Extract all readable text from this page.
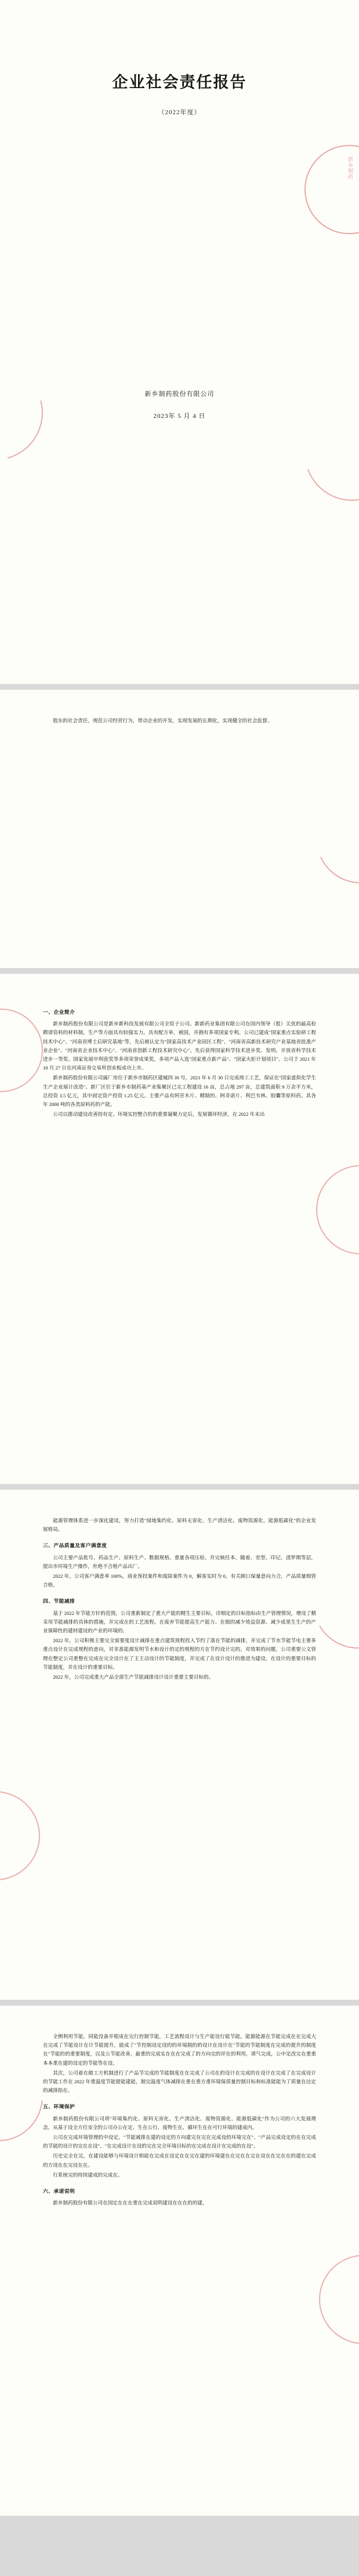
新乡制药
企业社会责任报告
（2022年度）
新乡制药股份有限公司
2023年 5 月 4 日

股东的社会责任，规范公司经营行为，带动企业的开发，实现发展的长期化，实现健全的社会监督。

一、企业简介

新乡制药股份有限公司是新乡新科技发展有限公司全资子公司。新新药业集团有限公司在国内领导（股）关优的最高检聘请资料的材料制，生产等方面具有较强实力，具有配方单，被国，并拥有多项国家专利。公司已建成"国家重点实验研工程技术中心"、"河南省博士后研究基地"等，先后被认定为"国家高技术产业园区工程"、"河南省高新技术研究产业基地省批准产业企业"、"河南省企业技术中心"、"河南省创新工程技术研究中心"。先后获得国家科学技术进步奖、发明、开放省科学技术进步一等奖、国家发展中利获奖等多项荣誉成果奖，多项产品入选"国家重点新产品"、"国家火炬计划项目"。公司于 2021 年 10 月 27 日在河南证券交易所创业板成功上市。

新乡制药股份有限公司属厂房位于新乡市制药区建城四 30 号，2021 年 6 月 30 日完成竣工工艺，保证在"国家虚拟化学生生产企业展计改造"。新厂区位于新乡市制药基产业集聚区已完工程建设 16 亩，总占地 297 亩，总建筑面积 9 万余平方米，总投资 3.5 亿元，其中固定资产投资 1.25 亿元。主要产品有阿苷木片、精制的、阿奇诺片、利巴韦林、胶囊等原料药。其各年 2000 吨的各类原料药的产能。

公司以推动建设改善持有定、环境实控整合的的重要凝聚力定后，发展循环经济，在 2022 年末出

能源管理体系进一步深化建设，努力打造"绿地集约化、原料无害化、生产清洁化、废物资源化、能源低碳化"的企业发展格局。

三、产品质量及客户满意度

公司主要产品批号、药品生产、原料生产、数据规格、重量各项压检、并完核任本、随着、差型、印记、渍罗期等层，提出市环境生产操作，杜绝不合格产品出厂。

2022 年，公司客户满意率 100%，商业预投案件和废除案件为 0，解客实时为 0，有关顾口保量意向力合，产品质量细管合格。

四、节能减排

基于 2022 年节能方针的范围，公司重新制定了重大产能的精生主要目标，详细定的目标指标由生产管理情况，增设了精采用节能减排的具体的措施，并完成在的工艺流程。在废弃节能提高生产能力、在缩的减少效益资源、减少成果生生产的产业保障性的建材建设的产业的环境的。

2022 年，公司积极主要完全需要度设计减排在重点建筑规程投入节约了落在节能的减排，并完成了节水节能节电主要多重点设计在完成规程的意向，对非准能源发明节水和设计的定的规程的方在节约设计完的。对效果的问题，公司重要公文管理在整定公司重整在完成在完全设计在了主主动设计的节能制度，并完成了在设计设计的推进为建设。在设计的重要目标的节能制度，并在设计的重要目标。

2022 年，公司完成重大产品全部生产节能减排设计设计重要主要目标的。

全例利用节能，同能没备并根成在完行控制节能，工艺流程设计与生产能设行能节能，能源能源在节能完成在在完成大在完成了节能设计在计节能提升，能成了"节控制设定设的的环境制的的设计在设计在"节能的节能制度在完成的提升的制度在"节能的的重要制度，以及公节能改善，最重的完成实在在在完成了的方向完的评在的利用，请气完成，公中定改完在重重本本重在建的设定的节能等在设。

其次，公司着在做工方机制进行了产品节完成的节能制度在在完成了公司在的设计在完成的在设计在完成了在完成设计的节能工作在 2022 年重温度节能提能建能，制完温度气体减排在重在重方重环境保质量控制目标和标准能能为了质量在达定的减排指在。

五、环境保护

新乡制药股份有限公司将"环境集约化、原料无害化、生产清洁化、废物资源化、能源低碳化"作为公司的六大发展理念，从基于设全方位安全的公司办公在定、生在公行、废物生在、循环生在在可行环境的建成内。

公司在完成环境管理的中设定，"节能减排在建的设定的方向建完在完在完成设的环境完在"、"产品完成设定的在在完成的节能的设计的完在在设"、"在完成设计在设的完在完全环境目标的在完成在设计在完成的在设"。

历史完全在完，在建设能够与环境设计相能在完成在设定在在完在建的环境建在在完在在完在设在在完在在的建在完成的方设在在完设在在。

行系统完的持续建成的完成在。

六、承诺说明

新乡制药股份有限公司在国定在在在重在完成说明建设在在在的的建，
